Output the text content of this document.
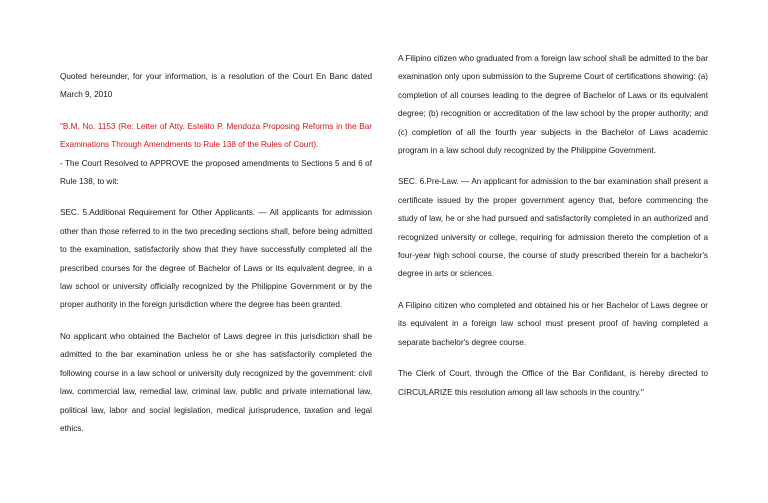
Quoted hereunder, for your information, is a resolution of the Court En Banc dated March 9, 2010

"B.M. No. 1153 (Re: Letter of Atty. Estelito P. Mendoza Proposing Reforms in the Bar Examinations Through Amendments to Rule 138 of the Rules of Court).

- The Court Resolved to APPROVE the proposed amendments to Sections 5 and 6 of Rule 138, to wit:

SEC. 5.Additional Requirement for Other Applicants. — All applicants for admission other than those referred to in the two preceding sections shall, before being admitted to the examination, satisfactorily show that they have successfully completed all the prescribed courses for the degree of Bachelor of Laws or its equivalent degree, in a law school or university officially recognized by the Philippine Government or by the proper authority in the foreign jurisdiction where the degree has been granted.

No applicant who obtained the Bachelor of Laws degree in this jurisdiction shall be admitted to the bar examination unless he or she has satisfactorily completed the following course in a law school or university duly recognized by the government: civil law, commercial law, remedial law, criminal law, public and private international law, political law, labor and social legislation, medical jurisprudence, taxation and legal ethics.

A Filipino citizen who graduated from a foreign law school shall be admitted to the bar examination only upon submission to the Supreme Court of certifications showing: (a) completion of all courses leading to the degree of Bachelor of Laws or its equivalent degree; (b) recognition or accreditation of the law school by the proper authority; and (c) completion of all the fourth year subjects in the Bachelor of Laws academic program in a law school duly recognized by the Philippine Government.

SEC. 6.Pre-Law. — An applicant for admission to the bar examination shall present a certificate issued by the proper government agency that, before commencing the study of law, he or she had pursued and satisfactorily completed in an authorized and recognized university or college, requiring for admission thereto the completion of a four-year high school course, the course of study prescribed therein for a bachelor's degree in arts or sciences.

A Filipino citizen who completed and obtained his or her Bachelor of Laws degree or its equivalent in a foreign law school must present proof of having completed a separate bachelor's degree course.

The Clerk of Court, through the Office of the Bar Confidant, is hereby directed to CIRCULARIZE this resolution among all law schools in the country."
